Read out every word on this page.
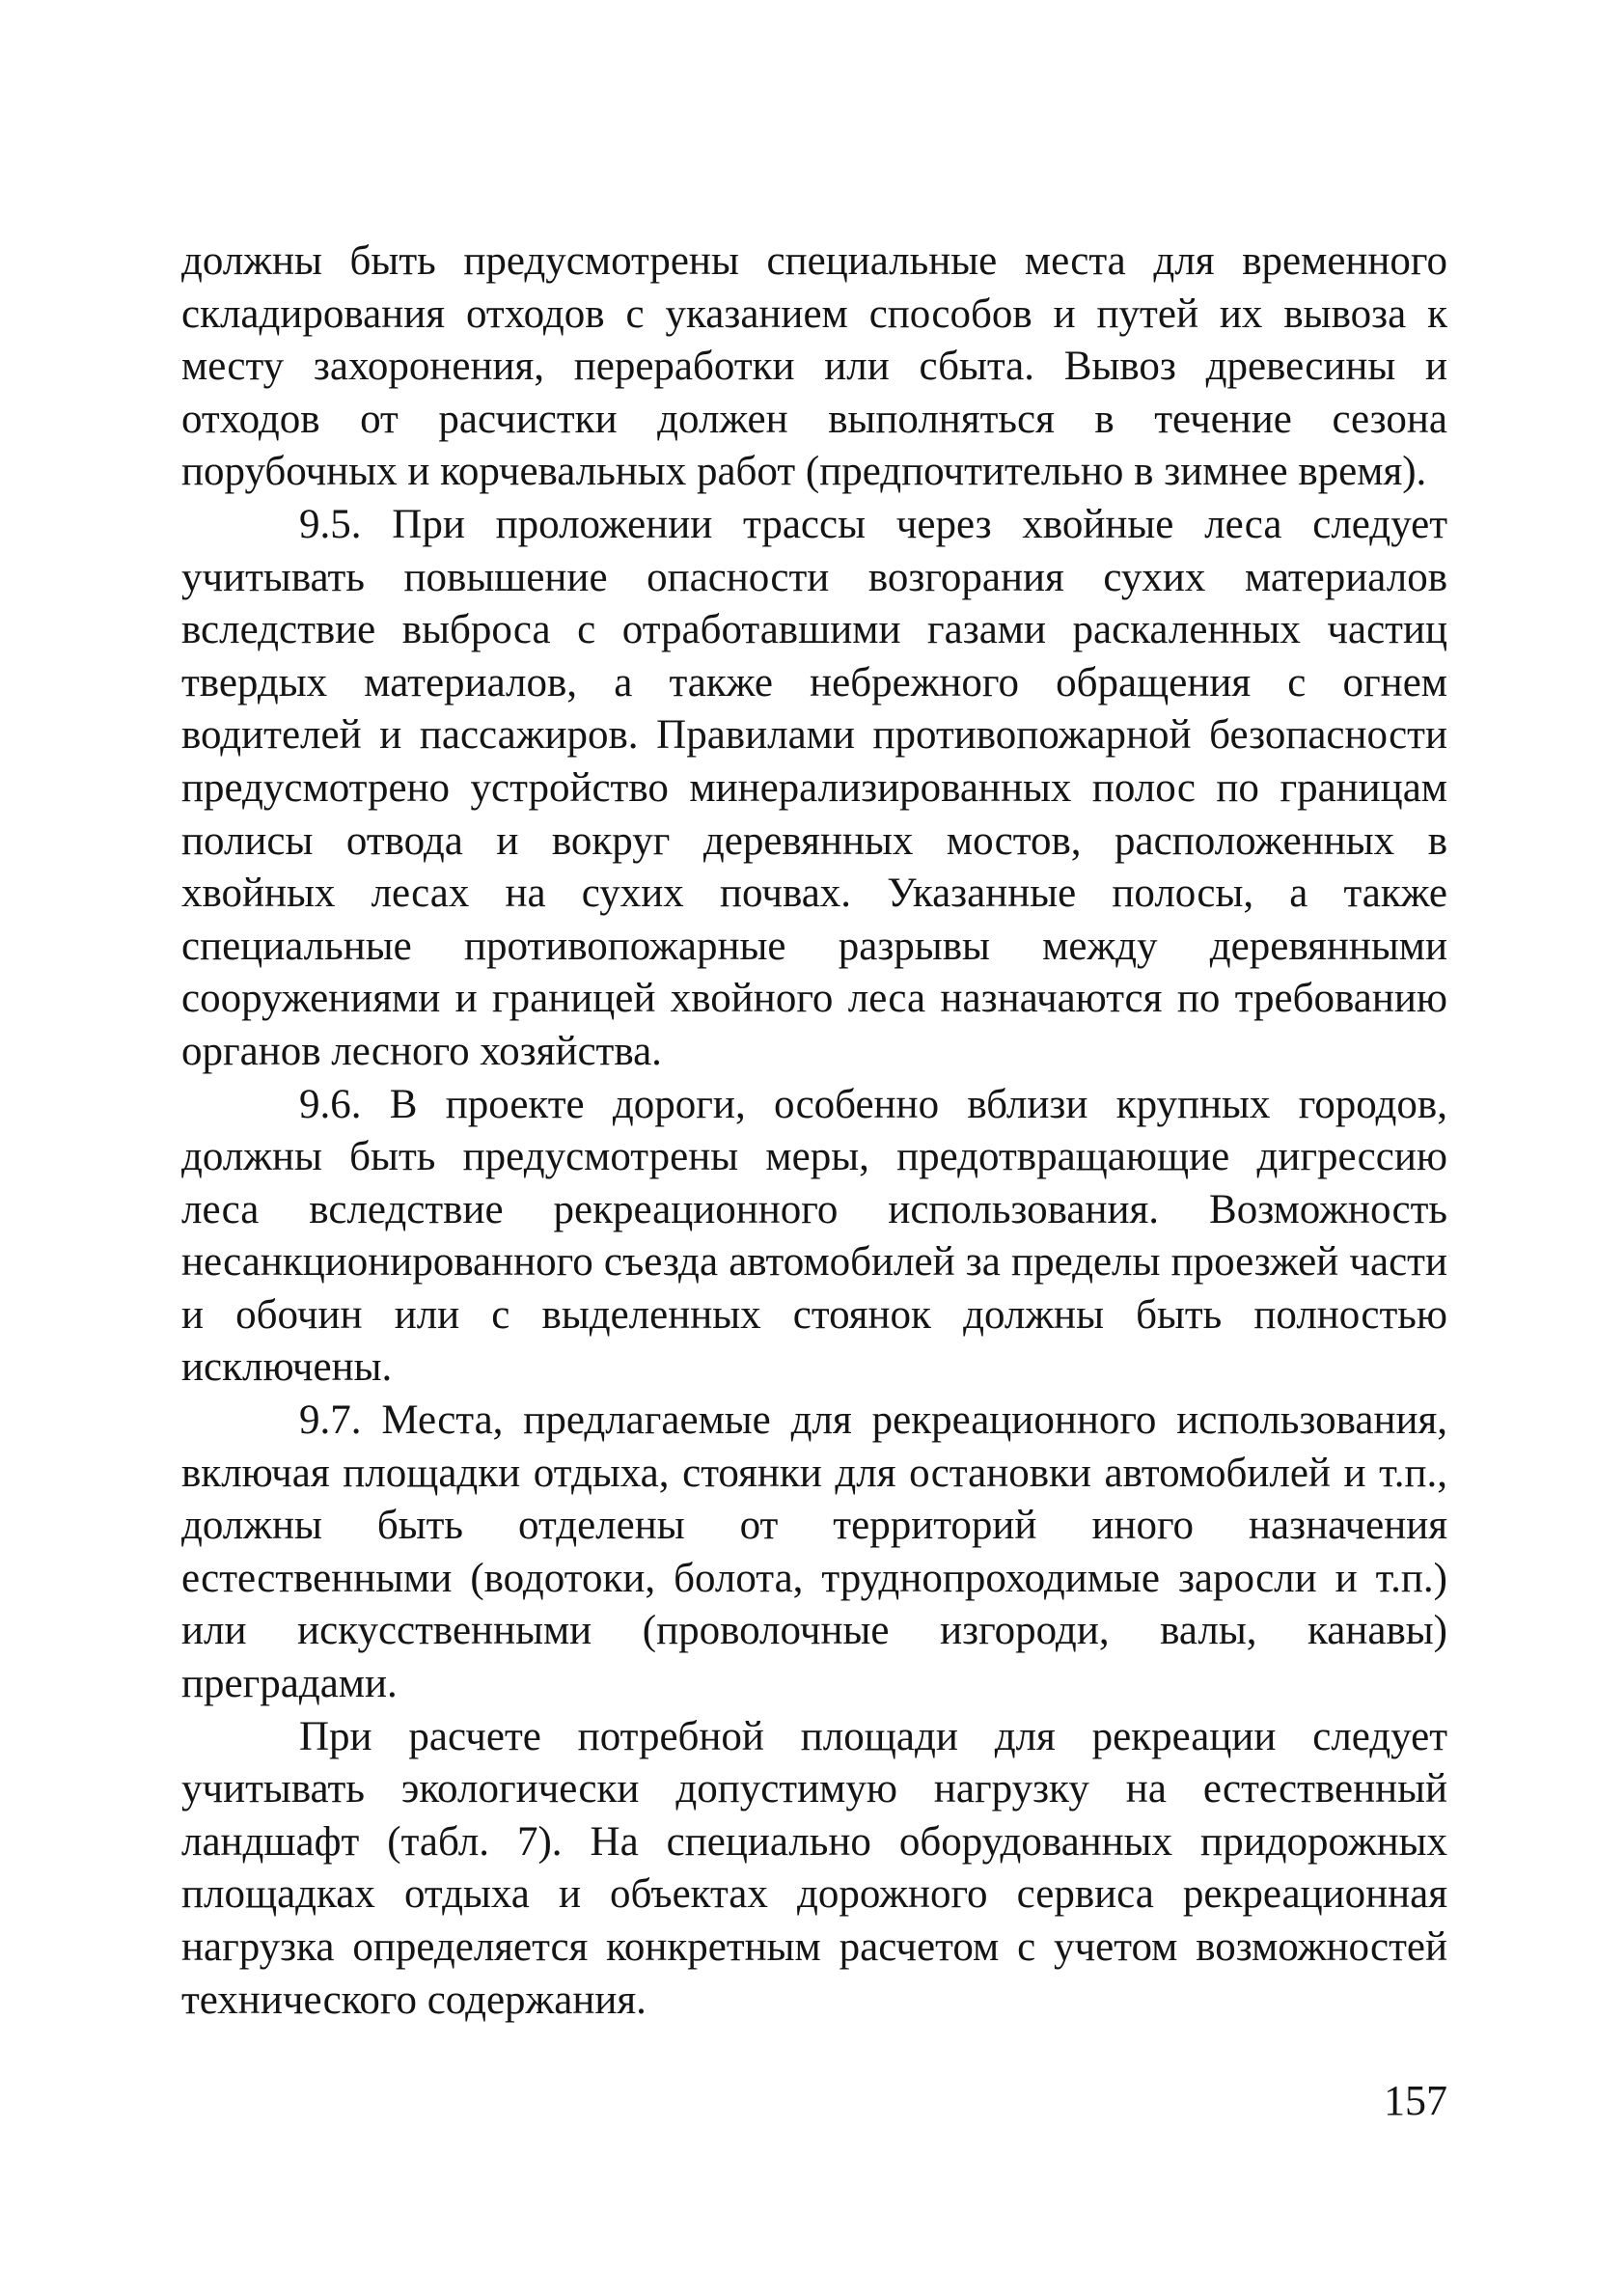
должны быть предусмотрены специальные места для временного складирования отходов с указанием способов и путей их вывоза к месту захоронения, переработки или сбыта. Вывоз древесины и отходов от расчистки должен выполняться в течение сезона порубочных и корчевальных работ (предпочтительно в зимнее время).

9.5. При проложении трассы через хвойные леса следует учитывать повышение опасности возгорания сухих материалов вследствие выброса с отработавшими газами раскаленных частиц твердых материалов, а также небрежного обращения с огнем водителей и пассажиров. Правилами противопожарной безопасности предусмотрено устройство минерализированных полос по границам полисы отвода и вокруг деревянных мостов, расположенных в хвойных лесах на сухих почвах. Указанные полосы, а также специальные противопожарные разрывы между деревянными сооружениями и границей хвойного леса назначаются по требованию органов лесного хозяйства.

9.6. В проекте дороги, особенно вблизи крупных городов, должны быть предусмотрены меры, предотвращающие дигрессию леса вследствие рекреационного использования. Возможность несанкционированного съезда автомобилей за пределы проезжей части и обочин или с выделенных стоянок должны быть полностью исключены.

9.7. Места, предлагаемые для рекреационного использования, включая площадки отдыха, стоянки для остановки автомобилей и т.п., должны быть отделены от территорий иного назначения естественными (водотоки, болота, труднопроходимые заросли и т.п.) или искусственными (проволочные изгороди, валы, канавы) преградами.

При расчете потребной площади для рекреации следует учитывать экологически допустимую нагрузку на естественный ландшафт (табл. 7). На специально оборудованных придорожных площадках отдыха и объектах дорожного сервиса рекреационная нагрузка определяется конкретным расчетом с учетом возможностей технического содержания.

157
